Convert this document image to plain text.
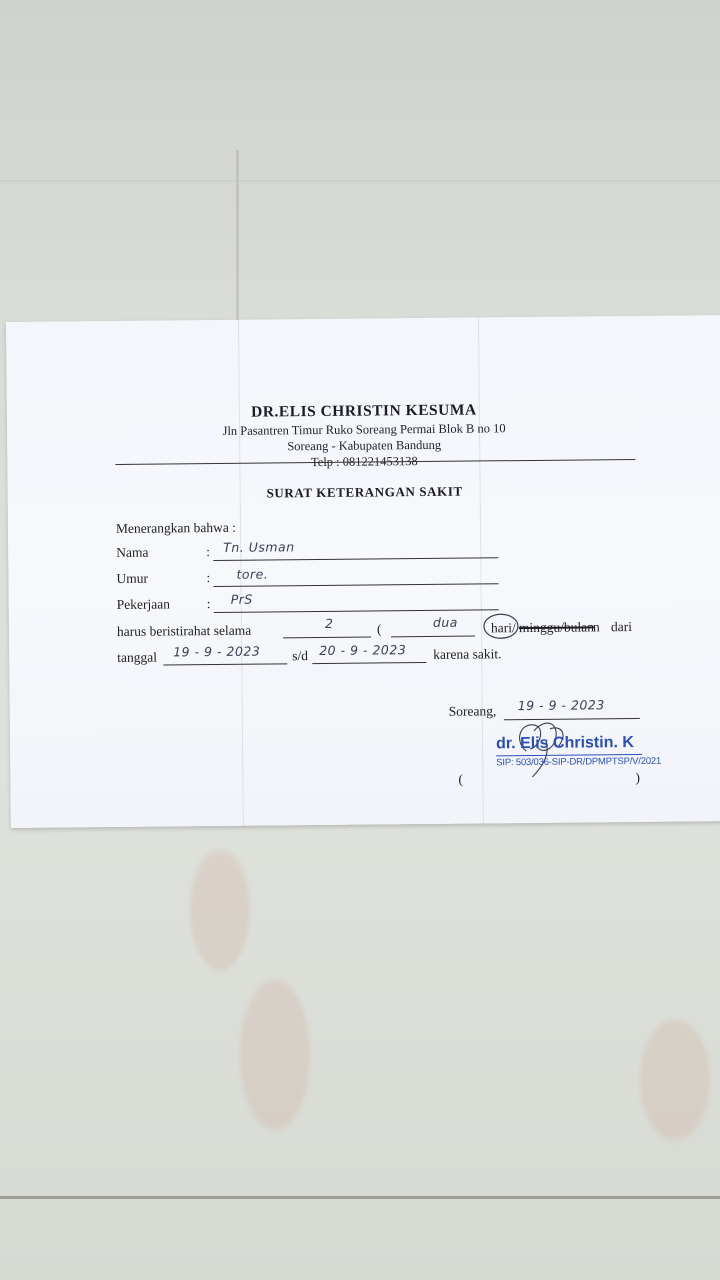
DR.ELIS CHRISTIN KESUMA
Jln Pasantren Timur Ruko Soreang Permai Blok B no 10
Soreang - Kabupaten Bandung
SURAT KETERANGAN SAKIT
Menerangkan bahwa :
Nama	: Tn. Usman
Umur	: tore.
Pekerjaan	: PrS
harus beristirahat selama	2	(	dua hari/ minggu/bulan
n dari
tanggal 19 - 9 - 2023 s/d 20 - 9 - 2023 karena sakit.
Soreang, 19 - 9 - 2023
dr. Elis Christin. K
SIP: 503/036-SIP-DR/DPMPTSP/V/2021
(	)
